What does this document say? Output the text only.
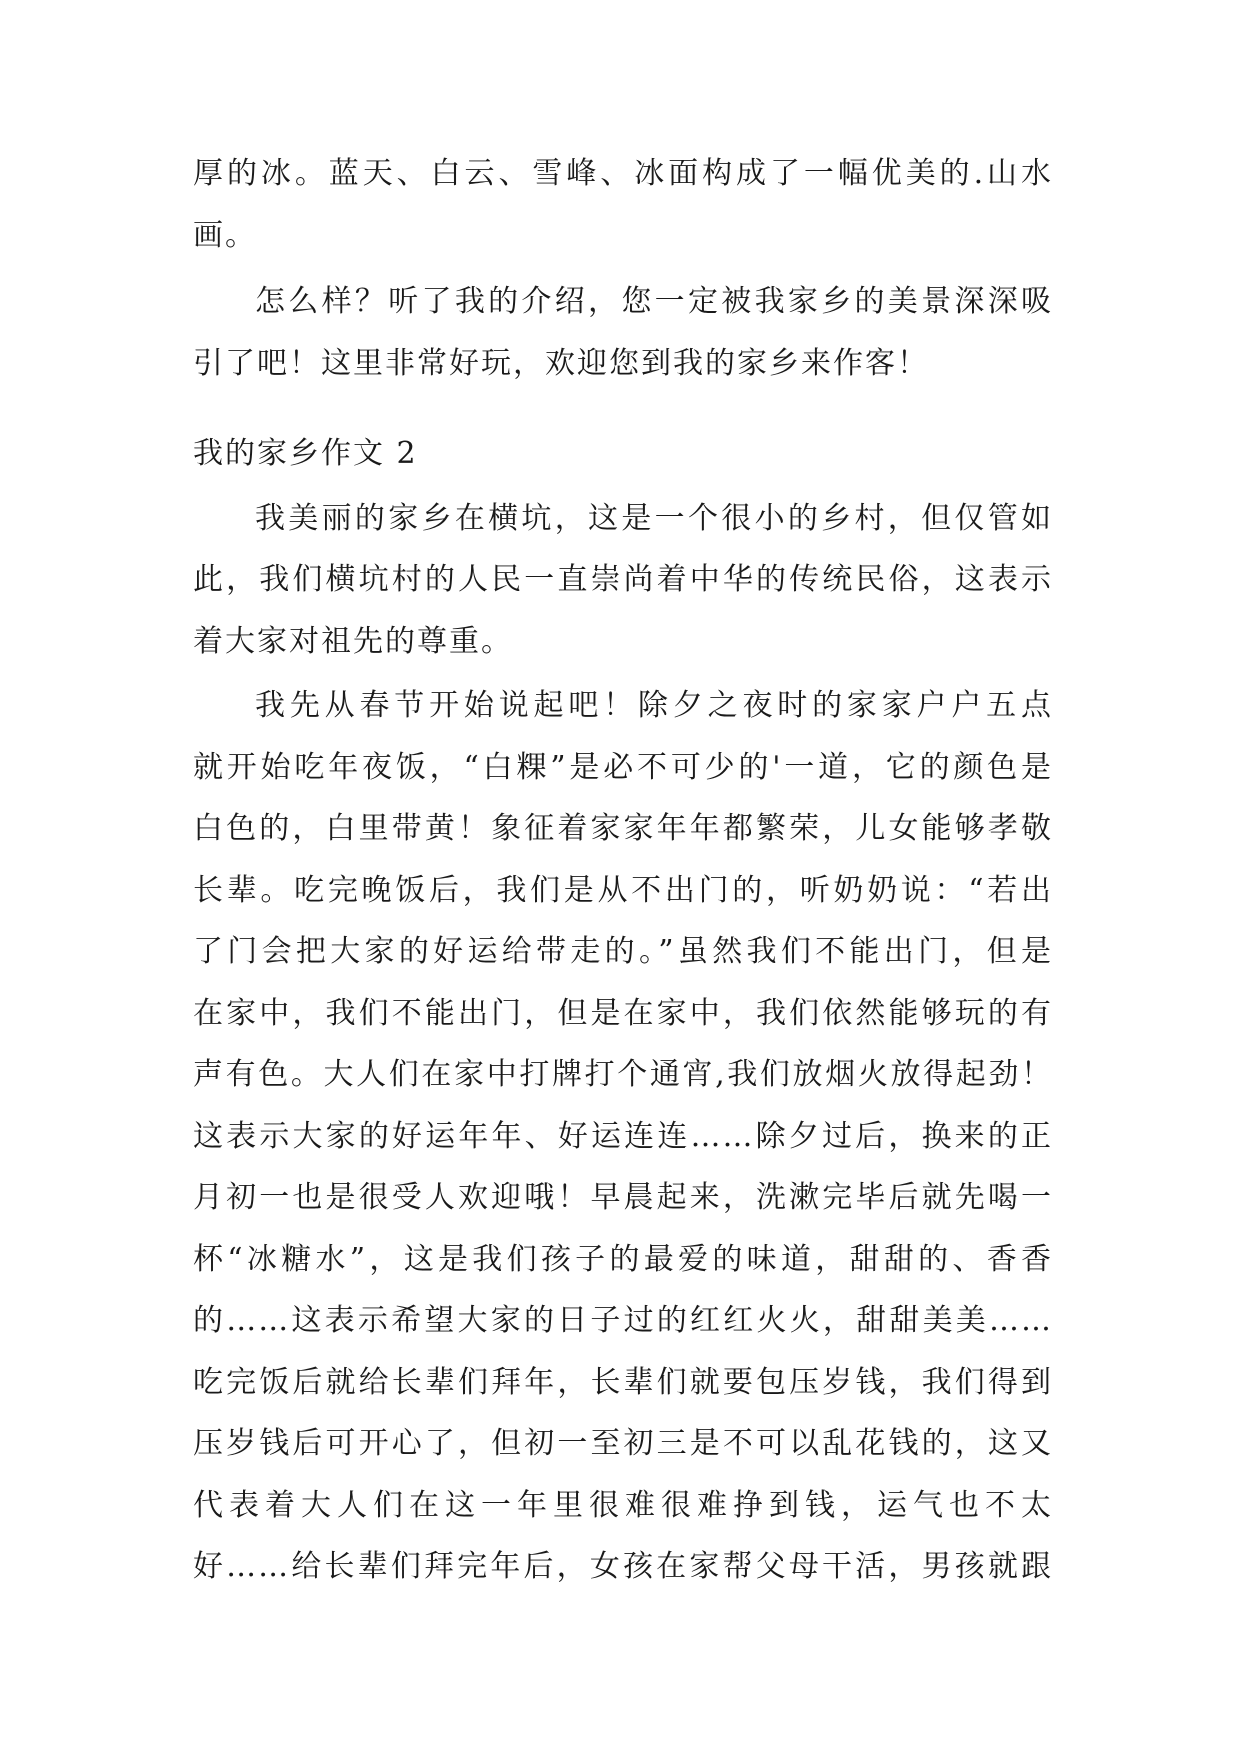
厚的冰。蓝天、白云、雪峰、冰面构成了一幅优美的.山水
画。
怎么样？听了我的介绍，您一定被我家乡的美景深深吸
引了吧！这里非常好玩，欢迎您到我的家乡来作客！
我的家乡作文 2
我美丽的家乡在横坑，这是一个很小的乡村，但仅管如
此，我们横坑村的人民一直崇尚着中华的传统民俗，这表示
着大家对祖先的尊重。
我先从春节开始说起吧！除夕之夜时的家家户户五点
就开始吃年夜饭，“白粿”是必不可少的'一道，它的颜色是
白色的，白里带黄！象征着家家年年都繁荣，儿女能够孝敬
长辈。吃完晚饭后，我们是从不出门的，听奶奶说：“若出
了门会把大家的好运给带走的。”虽然我们不能出门，但是
在家中，我们不能出门，但是在家中，我们依然能够玩的有
声有色。大人们在家中打牌打个通宵,我们放烟火放得起劲！
这表示大家的好运年年、好运连连……除夕过后，换来的正
月初一也是很受人欢迎哦！早晨起来，洗漱完毕后就先喝一
杯“冰糖水”，这是我们孩子的最爱的味道，甜甜的、香香
的……这表示希望大家的日子过的红红火火，甜甜美美……
吃完饭后就给长辈们拜年，长辈们就要包压岁钱，我们得到
压岁钱后可开心了，但初一至初三是不可以乱花钱的，这又
代表着大人们在这一年里很难很难挣到钱，运气也不太
好……给长辈们拜完年后，女孩在家帮父母干活，男孩就跟
